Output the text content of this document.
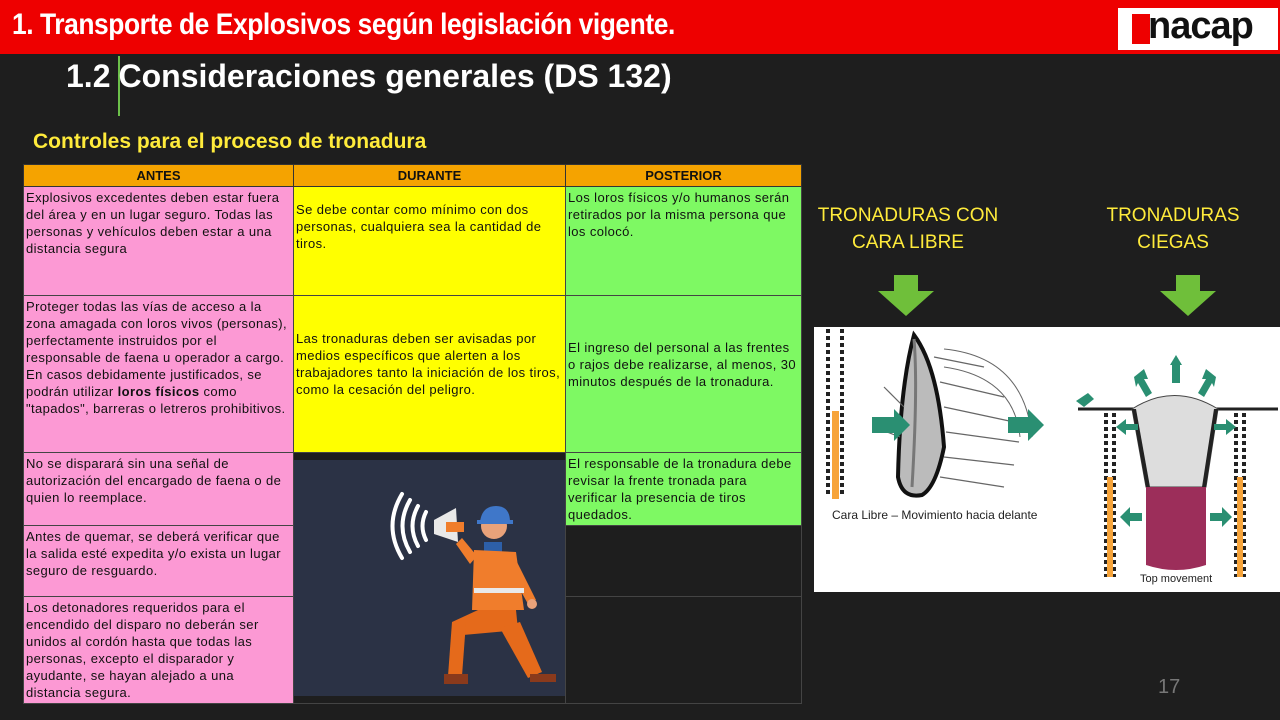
1. Transporte de Explosivos según legislación vigente.	nacap
1.2 Consideraciones generales (DS 132)
Controles para el proceso de tronadura
ANTES	DURANTE	POSTERIOR
Explosivos excedentes deben estar fuera del área y en un lugar seguro. Todas las personas y vehículos deben estar a una distancia segura	Se debe contar como mínimo con dos personas, cualquiera sea la cantidad de tiros.	Los loros físicos y/o humanos serán retirados por la misma persona que los colocó.
Proteger todas las vías de acceso a la zona amagada con loros vivos (personas), perfectamente instruidos por el responsable de faena u operador a cargo. En casos debidamente justificados, se podrán utilizar loros físicos como "tapados", barreras o letreros prohibitivos.	Las tronaduras deben ser avisadas por medios específicos que alerten a los trabajadores tanto la iniciación de los tiros, como la cesación del peligro.	El ingreso del personal a las frentes o rajos debe realizarse, al menos, 30 minutos después de la tronadura.
No se disparará sin una señal de autorización del encargado de faena o de quien lo reemplace.		El responsable de la tronadura debe revisar la frente tronada para verificar la presencia de tiros quedados.
Antes de quemar, se deberá verificar que la salida esté expedita y/o exista un lugar seguro de resguardo.		
Los detonadores requeridos para el encendido del disparo no deberán ser unidos al cordón hasta que todas las personas, excepto el disparador y ayudante, se hayan alejado a una distancia segura.		
TRONADURAS CON CARA LIBRE
TRONADURAS CIEGAS
Cara Libre – Movimiento hacia delante
Top movement
17
